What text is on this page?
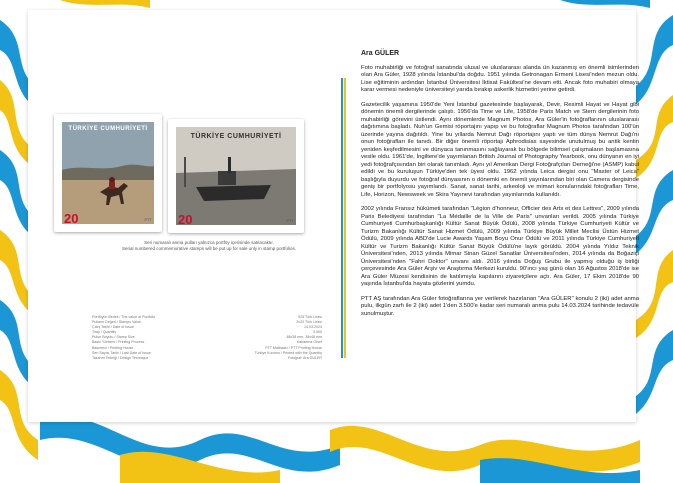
TÜRKİYE CUMHURİYETİ
20	PTT
TÜRKİYE CUMHURİYETİ
20	PTT
Seri numaralı anma pulları yalnızca portföy içerisinde satılacaktır.
Serial numbered commemorative stamps will be put up for sale only in stamp portfolios.
Portföyün Bedeli / The value of Portfolio	925 Türk Lirası
Pulların Değeri / Stamps Value	2x20 Türk Lirası
Çıkış Tarihi / Date of Issue	14.03.2024
Tirajı / Quantity	3.500
Pulun Boyutu / Stamp Size	48x38 mm, 38x48 mm
Baskı Yöntemi / Printing Process	Kabartma Ofset
Basımevi / Printing House	PTT Matbaası / PTT Printing House
Seri Sayısı Tarihi / Last Date of Issue	Türkiye Kurumu / Printed with the Quantity
Tasarım Tekniği / Design Technique	Fotoğraf: Ara GÜLER
Ara GÜLER

Foto muhabirliği ve fotoğraf sanatında ulusal ve uluslararası alanda ün kazanmış en önemli isimlerinden olan Ara Güler, 1928 yılında İstanbul'da doğdu. 1951 yılında Getronagan Ermeni Lisesi'nden mezun oldu. Lise eğitiminin ardından İstanbul Üniversitesi İktisat Fakültesi'ne devam etti. Ancak foto muhabiri olmaya karar vermesi nedeniyle üniversiteyi yarıda bırakıp askerlik hizmetini yerine getirdi.

Gazetecilik yaşamına 1950'de Yeni İstanbul gazetesinde başlayarak, Devir, Resimli Hayat ve Hayat gibi dönemin önemli dergilerinde çalıştı. 1956'da Time ve Life, 1958'de Paris Match ve Stern dergilerinin foto muhabirliği görevini üstlendi. Aynı dönemlerde Magnum Photos, Ara Güler'in fotoğraflarının uluslararası dağıtımına başladı. Nuh'un Gemisi röportajını yapıp ve bu fotoğraflar Magnum Photos tarafından 100'ün üzerinde yayına dağıtıldı. Yine bu yıllarda Nemrut Dağı röportajını yaptı ve tüm dünya Nemrut Dağı'nı onun fotoğrafları ile tanıdı. Bir diğer önemli röportajı Aphrodisias sayesinde unutulmuş bu antik kentin yeniden keşfedilmesini ve dünyaca tanınmasını sağlayarak bu bölgede bilimsel çalışmaların başlamasına vesile oldu. 1961'de, İngiltere'de yayımlanan British Journal of Photography Yearbook, onu dünyanın en iyi yedi fotoğrafçısından biri olarak tanımladı. Aynı yıl Amerikan Dergi Fotoğrafçıları Derneği'ne (ASMP) kabul edildi ve bu kuruluşun Türkiye'den tek üyesi oldu. 1962 yılında Leica dergisi onu "Master of Leica" başlığıyla duyurdu ve fotoğraf dünyasının o dönemki en önemli yayınlarından biri olan Camera dergisinde geniş bir portfolyosu yayımlandı. Sanat, sanat tarihi, arkeoloji ve mimari konularındaki fotoğrafları Time, Life, Horizon, Newsweek ve Skira Yayınevi tarafından yayınlarında kullanıldı.

2002 yılında Fransız hükümeti tarafından "Légion d'honneur, Officier des Arts et des Lettres", 2009 yılında Paris Belediyesi tarafından "La Médaille de la Ville de Paris" unvanları verildi. 2005 yılında Türkiye Cumhuriyeti Cumhurbaşkanlığı Kültür Sanat Büyük Ödülü, 2008 yılında Türkiye Cumhuriyeti Kültür ve Turizm Bakanlığı Kültür Sanat Hizmet Ödülü, 2009 yılında Türkiye Büyük Millet Meclisi Üstün Hizmet Ödülü, 2009 yılında ABD'de Lucie Awards Yaşam Boyu Onur Ödülü ve 2011 yılında Türkiye Cumhuriyeti Kültür ve Turizm Bakanlığı Kültür Sanat Büyük Ödülü'ne layık görüldü. 2004 yılında Yıldız Teknik Üniversitesi'nden, 2013 yılında Mimar Sinan Güzel Sanatlar Üniversitesi'nden, 2014 yılında da Boğaziçi Üniversitesi'nden "Fahri Doktor" unvanı aldı. 2016 yılında Doğuş Grubu ile yapmış olduğu iş birliği çerçevesinde Ara Güler Arşiv ve Araştırma Merkezi kuruldu. 90'ıncı yaş günü olan 16 Ağustos 2018'de ise Ara Güler Müzesi kendisinin de katılımıyla kapılarını ziyaretçilere açtı. Ara Güler, 17 Ekim 2018'de 90 yaşında İstanbul'da hayata gözlerini yumdu.

PTT AŞ tarafından Ara Güler fotoğraflarına yer verilerek hazırlanan "Ara GÜLER" konulu 2 (iki) adet anma pulu, ilkgün zarfı ile 2 (iki) adet 1'den 3.500'e kadar seri numaralı anma pulu 14.03.2024 tarihinde tedavüle sunulmuştur.
